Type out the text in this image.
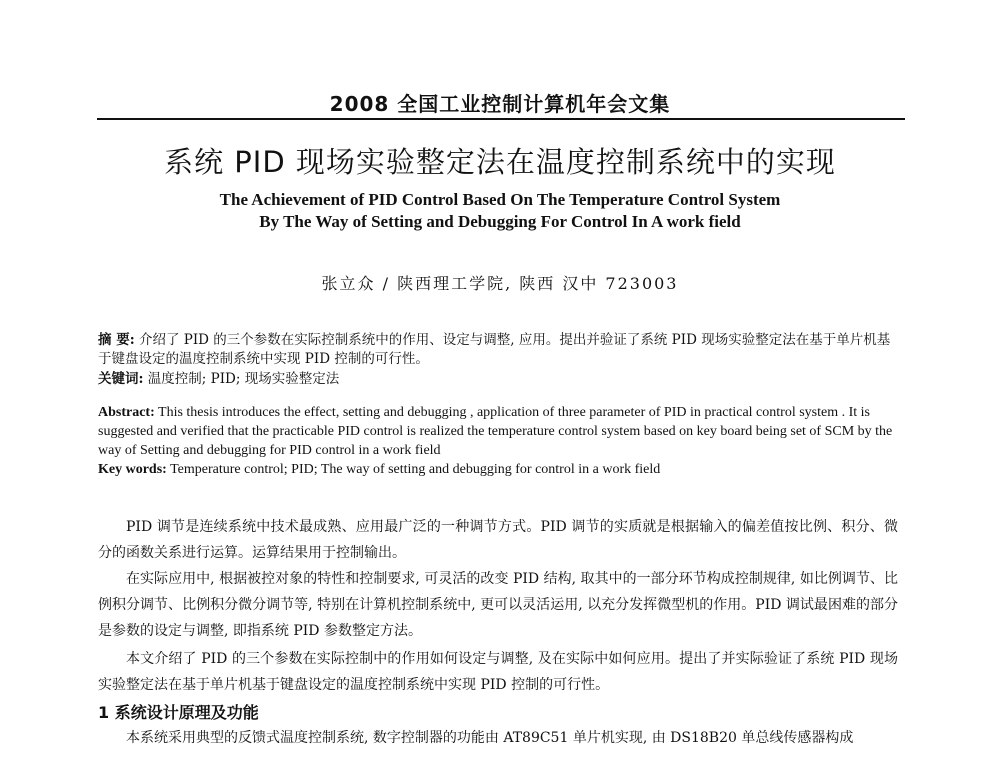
2008 全国工业控制计算机年会文集
系统 PID 现场实验整定法在温度控制系统中的实现
The Achievement of PID Control Based On The Temperature Control System
By The Way of Setting and Debugging For Control In A work field
张立众 / 陕西理工学院, 陕西 汉中 723003
摘 要: 介绍了 PID 的三个参数在实际控制系统中的作用、设定与调整, 应用。提出并验证了系统 PID 现场实验整定法在基于单片机基于键盘设定的温度控制系统中实现 PID 控制的可行性。
关键词: 温度控制; PID; 现场实验整定法
Abstract: This thesis introduces the effect, setting and debugging , application of three parameter of PID in practical control system . It is suggested and verified that the practicable PID control is realized the temperature control system based on key board being set of SCM by the way of Setting and debugging for PID control in a work field
Key words: Temperature control; PID; The way of setting and debugging for control in a work field
PID 调节是连续系统中技术最成熟、应用最广泛的一种调节方式。PID 调节的实质就是根据输入的偏差值按比例、积分、微分的函数关系进行运算。运算结果用于控制输出。
在实际应用中, 根据被控对象的特性和控制要求, 可灵活的改变 PID 结构, 取其中的一部分环节构成控制规律, 如比例调节、比例积分调节、比例积分微分调节等, 特别在计算机控制系统中, 更可以灵活运用, 以充分发挥微型机的作用。PID 调试最困难的部分是参数的设定与调整, 即指系统 PID 参数整定方法。
本文介绍了 PID 的三个参数在实际控制中的作用如何设定与调整, 及在实际中如何应用。提出了并实际验证了系统 PID 现场实验整定法在基于单片机基于键盘设定的温度控制系统中实现 PID 控制的可行性。
1 系统设计原理及功能
本系统采用典型的反馈式温度控制系统, 数字控制器的功能由 AT89C51 单片机实现, 由 DS18B20 单总线传感器构成
